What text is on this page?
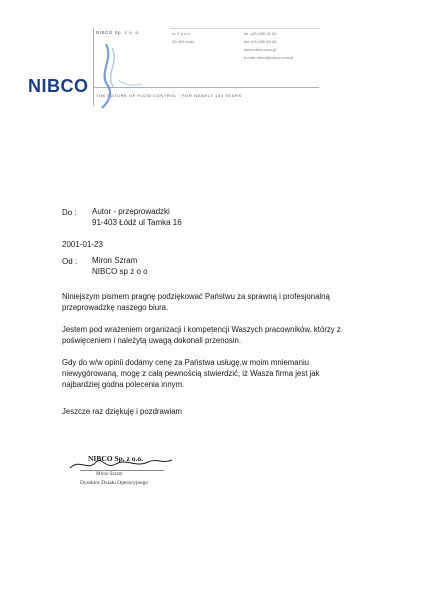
NIBCO Sp. z o. o.	ul. T a n a
90-403 Łódź
tel. (42) 630 81 93
fax (42) 630 83 28
www.nibco.com.pl
e-mail: nibco@nibco.com.pl
NIBCO THE FUTURE OF FLOW CONTROL · FOR NEARLY 100 YEARS
Do : Autor - przeprowadzki
91-403 Łódź ul Tamka 16
2001-01-23
Od : Miron Szram
NIBCO sp z o o
Niniejszym pismem pragnę podziękować Państwu za sprawną i profesjonalną
przeprowadzkę naszego biura.
Jestem pod wrażeniem organizacji i kompetencji Waszych pracowników, którzy z
poświęceniem i należytą uwagą dokonali przenosin.
Gdy do w/w opinii dodamy cenę za Państwa usługę,w moim mniemaniu
niewygórowaną, mogę z całą pewnością stwierdzić, iż Wasza firma jest jak
najbardziej godna polecenia innym.
Jeszcze raz dziękuję i pozdrawiam
NIBCO Sp. z o.o.
Miron Szram
Dyrektor Działu Operacyjnego
